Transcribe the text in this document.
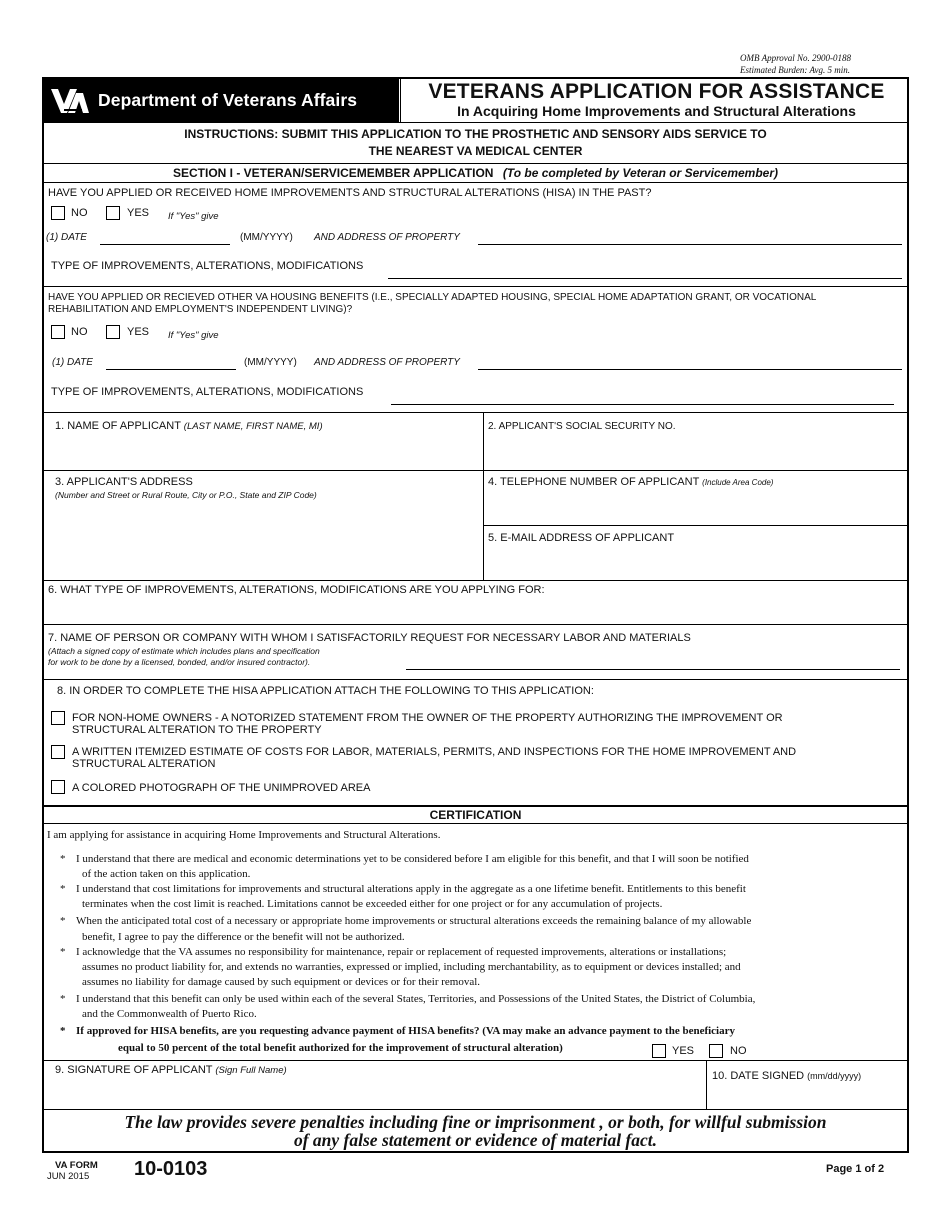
OMB Approval No. 2900-0188
Estimated Burden: Avg. 5 min.
Department of Veterans Affairs	VETERANS APPLICATION FOR ASSISTANCE
In Acquiring Home Improvements and Structural Alterations
INSTRUCTIONS: SUBMIT THIS APPLICATION TO THE PROSTHETIC AND SENSORY AIDS SERVICE TO
THE NEAREST VA MEDICAL CENTER
SECTION I - VETERAN/SERVICEMEMBER APPLICATION (To be completed by Veteran or Servicemember)
HAVE YOU APPLIED OR RECEIVED HOME IMPROVEMENTS AND STRUCTURAL ALTERATIONS (HISA) IN THE PAST?
NO	YES If "Yes" give
(1) DATE	(MM/YYYY) AND ADDRESS OF PROPERTY
TYPE OF IMPROVEMENTS, ALTERATIONS, MODIFICATIONS
HAVE YOU APPLIED OR RECIEVED OTHER VA HOUSING BENEFITS (I.E., SPECIALLY ADAPTED HOUSING, SPECIAL HOME ADAPTATION GRANT, OR VOCATIONAL
REHABILITATION AND EMPLOYMENT'S INDEPENDENT LIVING)?
NO	YES If "Yes" give
(1) DATE	(MM/YYYY) AND ADDRESS OF PROPERTY
TYPE OF IMPROVEMENTS, ALTERATIONS, MODIFICATIONS
1. NAME OF APPLICANT (LAST NAME, FIRST NAME, MI)	2. APPLICANT'S SOCIAL SECURITY NO.
3. APPLICANT'S ADDRESS
(Number and Street or Rural Route, City or P.O., State and ZIP Code)
4. TELEPHONE NUMBER OF APPLICANT (Include Area Code)
5. E-MAIL ADDRESS OF APPLICANT
6. WHAT TYPE OF IMPROVEMENTS, ALTERATIONS, MODIFICATIONS ARE YOU APPLYING FOR:
7. NAME OF PERSON OR COMPANY WITH WHOM I SATISFACTORILY REQUEST FOR NECESSARY LABOR AND MATERIALS
(Attach a signed copy of estimate which includes plans and specification
for work to be done by a licensed, bonded, and/or insured contractor).
8. IN ORDER TO COMPLETE THE HISA APPLICATION ATTACH THE FOLLOWING TO THIS APPLICATION:
FOR NON-HOME OWNERS - A NOTORIZED STATEMENT FROM THE OWNER OF THE PROPERTY AUTHORIZING THE IMPROVEMENT OR
STRUCTURAL ALTERATION TO THE PROPERTY
A WRITTEN ITEMIZED ESTIMATE OF COSTS FOR LABOR, MATERIALS, PERMITS, AND INSPECTIONS FOR THE HOME IMPROVEMENT AND
STRUCTURAL ALTERATION
A COLORED PHOTOGRAPH OF THE UNIMPROVED AREA
CERTIFICATION
I am applying for assistance in acquiring Home Improvements and Structural Alterations.
* I understand that there are medical and economic determinations yet to be considered before I am eligible for this benefit, and that I will soon be notified
of the action taken on this application.
* I understand that cost limitations for improvements and structural alterations apply in the aggregate as a one lifetime benefit. Entitlements to this benefit
terminates when the cost limit is reached. Limitations cannot be exceeded either for one project or for any accumulation of projects.
* When the anticipated total cost of a necessary or appropriate home improvements or structural alterations exceeds the remaining balance of my allowable
benefit, I agree to pay the difference or the benefit will not be authorized.
* I acknowledge that the VA assumes no responsibility for maintenance, repair or replacement of requested improvements, alterations or installations;
assumes no product liability for, and extends no warranties, expressed or implied, including merchantability, as to equipment or devices installed; and
assumes no liability for damage caused by such equipment or devices or for their removal.
* I understand that this benefit can only be used within each of the several States, Territories, and Possessions of the United States, the District of Columbia,
and the Commonwealth of Puerto Rico.
* If approved for HISA benefits, are you requesting advance payment of HISA benefits? (VA may make an advance payment to the beneficiary
equal to 50 percent of the total benefit authorized for the improvement of structural alteration)	YES	NO
9. SIGNATURE OF APPLICANT (Sign Full Name)	10. DATE SIGNED (mm/dd/yyyy)
The law provides severe penalties including fine or imprisonment , or both, for willful submission
of any false statement or evidence of material fact.
VA FORM
JUN 2015	10-0103	Page 1 of 2
